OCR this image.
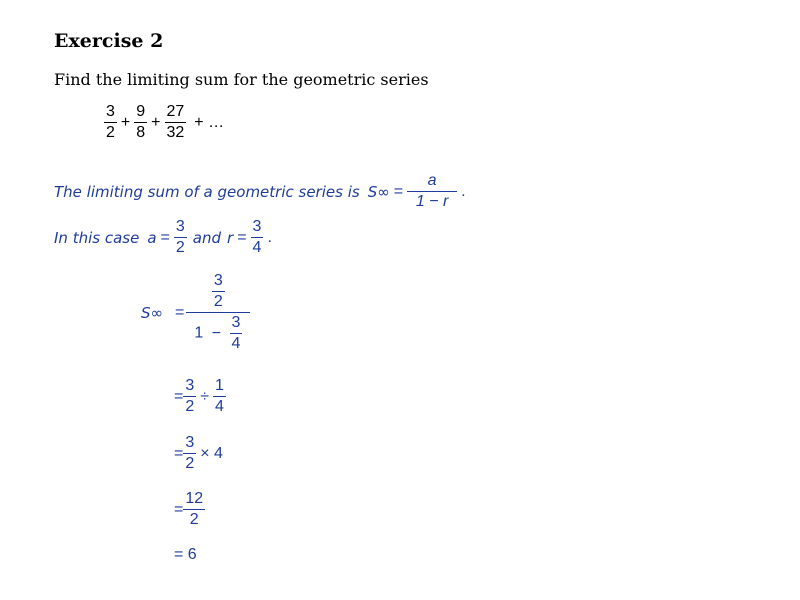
Exercise 2
Find the limiting sum for the geometric series
$\frac{3}{2} + \frac{9}{8} + \frac{27}{32}$ + …
The limiting sum of a geometric series is $S\infty = \frac{a}{1 - r}$ .
In this case $a = \frac{3}{2}$ and $r = \frac{3}{4}$ .
$S\infty = \frac{\frac{3}{2}}{1 - \frac{3}{4}}$
= $\frac{3}{2} \div \frac{1}{4}$
= $\frac{3}{2} \times 4$
= $\frac{12}{2}$
= 6
